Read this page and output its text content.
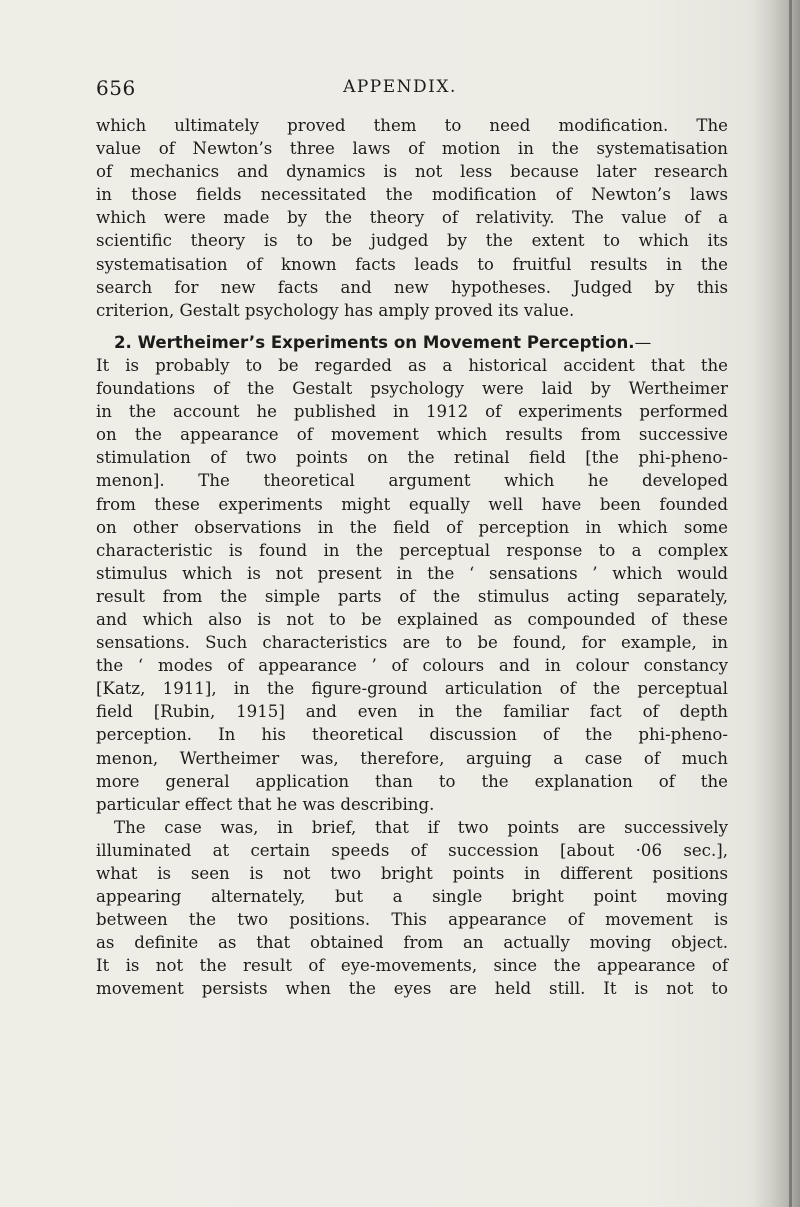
656	APPENDIX.
which ultimately proved them to need modification. The
value of Newton’s three laws of motion in the systematisation
of mechanics and dynamics is not less because later research
in those fields necessitated the modification of Newton’s laws
which were made by the theory of relativity. The value of a
scientific theory is to be judged by the extent to which its
systematisation of known facts leads to fruitful results in the
search for new facts and new hypotheses. Judged by this
criterion, Gestalt psychology has amply proved its value.
2. Wertheimer’s Experiments on Movement Perception.—
It is probably to be regarded as a historical accident that the
foundations of the Gestalt psychology were laid by Wertheimer
in the account he published in 1912 of experiments performed
on the appearance of movement which results from successive
stimulation of two points on the retinal field [the phi-pheno-
menon]. The theoretical argument which he developed
from these experiments might equally well have been founded
on other observations in the field of perception in which some
characteristic is found in the perceptual response to a complex
stimulus which is not present in the ‘ sensations ’ which would
result from the simple parts of the stimulus acting separately,
and which also is not to be explained as compounded of these
sensations. Such characteristics are to be found, for example, in
the ‘ modes of appearance ’ of colours and in colour constancy
[Katz, 1911], in the figure-ground articulation of the perceptual
field [Rubin, 1915] and even in the familiar fact of depth
perception. In his theoretical discussion of the phi-pheno-
menon, Wertheimer was, therefore, arguing a case of much
more general application than to the explanation of the
particular effect that he was describing.
The case was, in brief, that if two points are successively
illuminated at certain speeds of succession [about ·06 sec.],
what is seen is not two bright points in different positions
appearing alternately, but a single bright point moving
between the two positions. This appearance of movement is
as definite as that obtained from an actually moving object.
It is not the result of eye-movements, since the appearance of
movement persists when the eyes are held still. It is not to
